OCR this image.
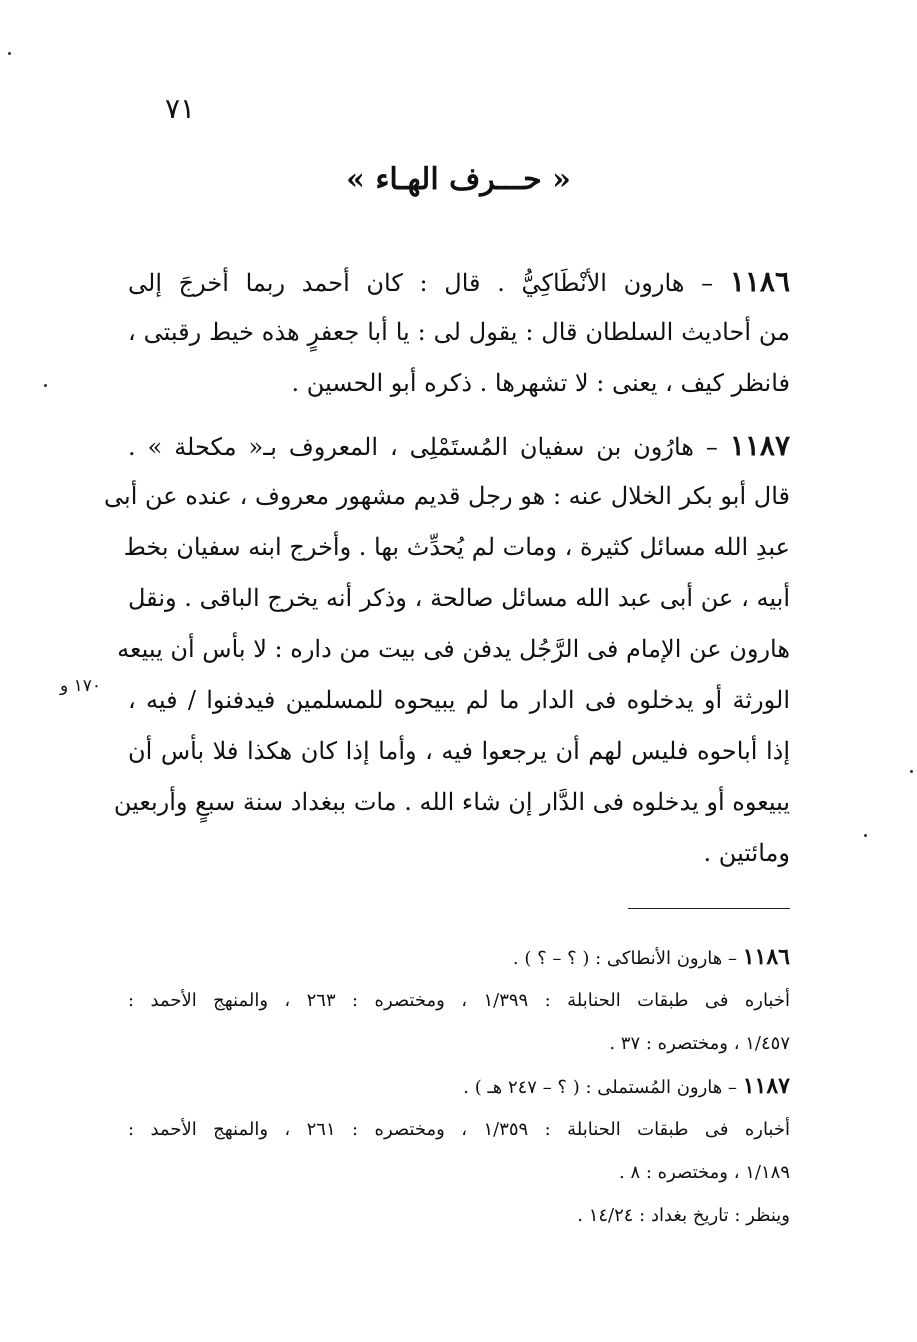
٧١
« حـــرف الهـاء »
١١٨٦ – هارون الأنْطَاكِيُّ . قال : كان أحمد ربما أخرجَ إلى
من أحاديث السلطان قال : يقول لى : يا أبا جعفرٍ هذه خيط رقبتى ،
فانظر كيف ، يعنى : لا تشهرها . ذكره أبو الحسين .
١١٨٧ – هارُون بن سفيان المُستَمْلِى ، المعروف بـ« مكحلة » .
قال أبو بكر الخلال عنه : هو رجل قديم مشهور معروف ، عنده عن أبى
عبدِ الله مسائل كثيرة ، ومات لم يُحدِّث بها . وأخرج ابنه سفيان بخط
أبيه ، عن أبى عبد الله مسائل صالحة ، وذكر أنه يخرج الباقى . ونقل
هارون عن الإمام فى الرَّجُل يدفن فى بيت من داره : لا بأس أن يبيعه
الورثة أو يدخلوه فى الدار ما لم يبيحوه للمسلمين فيدفنوا / فيه ،
إذا أباحوه فليس لهم أن يرجعوا فيه ، وأما إذا كان هكذا فلا بأس أن
يبيعوه أو يدخلوه فى الدَّار إن شاء الله . مات ببغداد سنة سبعٍ وأربعين
ومائتين .
١٧٠ و
١١٨٦ – هارون الأنطاكى : ( ؟ – ؟ ) .
أخباره فى طبقات الحنابلة : ١/٣٩٩ ، ومختصره : ٢٦٣ ، والمنهج الأحمد :
١/٤٥٧ ، ومختصره : ٣٧ .
١١٨٧ – هارون المُستملى : ( ؟ – ٢٤٧ هـ ) .
أخباره فى طبقات الحنابلة : ١/٣٥٩ ، ومختصره : ٢٦١ ، والمنهج الأحمد :
١/١٨٩ ، ومختصره : ٨ .
وينظر : تاريخ بغداد : ١٤/٢٤ .
